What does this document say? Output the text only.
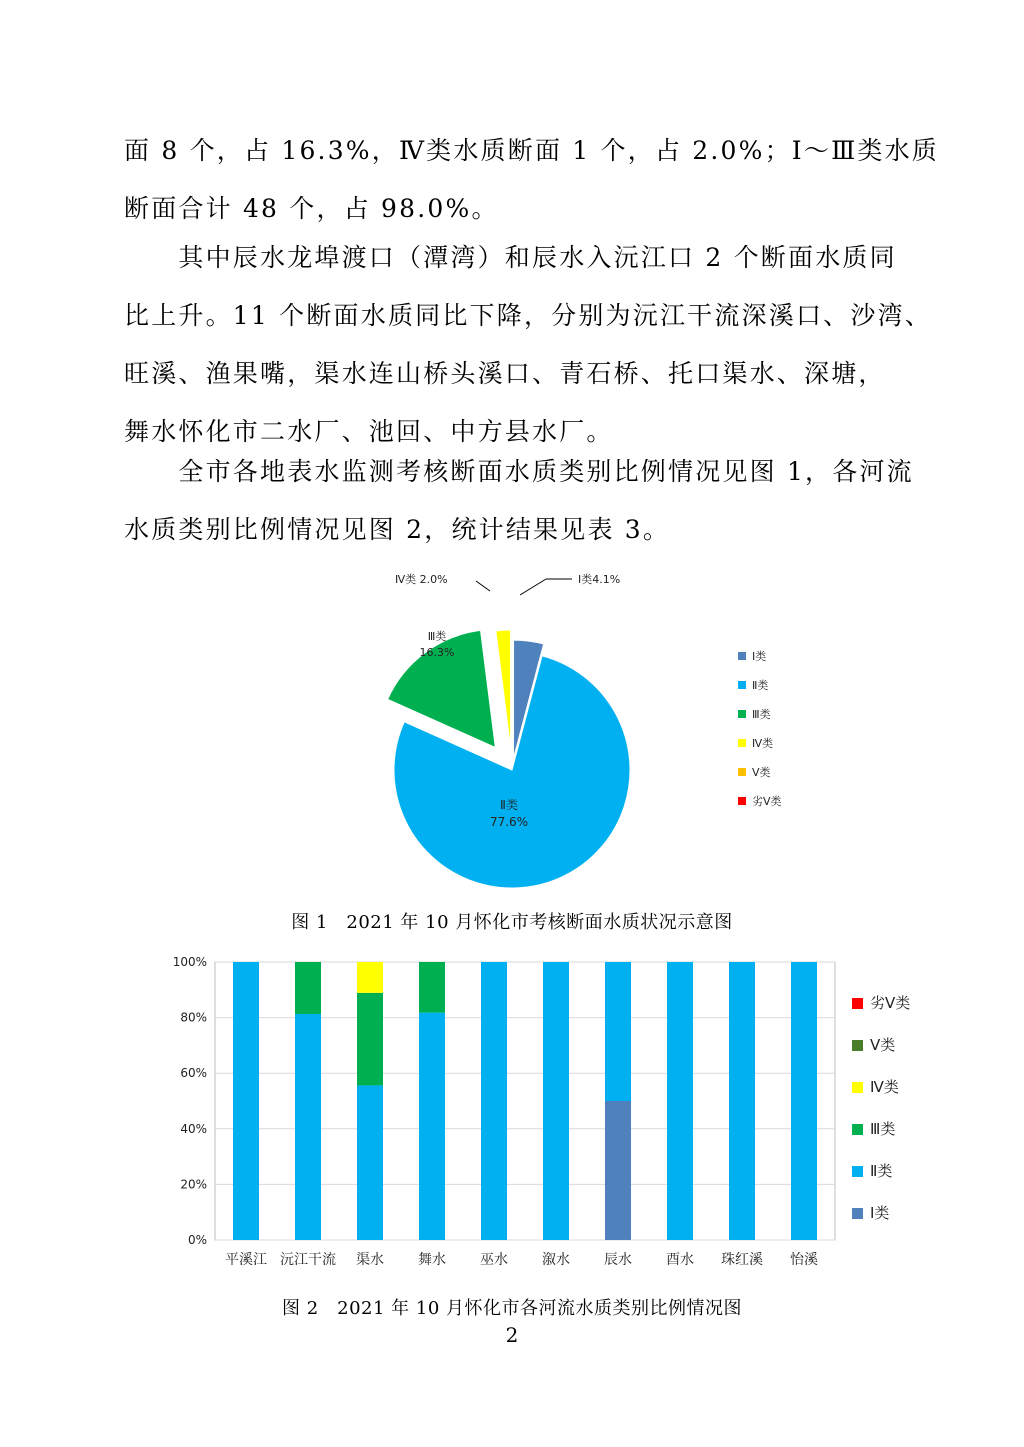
面 8 个，占 16.3%，Ⅳ类水质断面 1 个，占 2.0%；Ⅰ～Ⅲ类水质
断面合计 48 个，占 98.0%。
　　其中辰水龙埠渡口（潭湾）和辰水入沅江口 2 个断面水质同
比上升。11 个断面水质同比下降，分别为沅江干流深溪口、沙湾、
旺溪、渔果嘴，渠水连山桥头溪口、青石桥、托口渠水、深塘，
舞水怀化市二水厂、池回、中方县水厂。
　　全市各地表水监测考核断面水质类别比例情况见图 1，各河流
水质类别比例情况见图 2，统计结果见表 3。
Ⅰ类4.1%
Ⅳ类 2.0%
Ⅲ类
16.3%
Ⅱ类
77.6%
Ⅰ类
Ⅱ类
Ⅲ类
Ⅳ类
Ⅴ类
劣Ⅴ类
图 1　2021 年 10 月怀化市考核断面水质状况示意图
0%
20%
40%
60%
80%
100%
平溪江 沅江干流 渠水 舞水 巫水 溆水 辰水 酉水 珠红溪 怡溪
劣Ⅴ类
Ⅴ类
Ⅳ类
Ⅲ类
Ⅱ类
Ⅰ类
图 2　2021 年 10 月怀化市各河流水质类别比例情况图
2
